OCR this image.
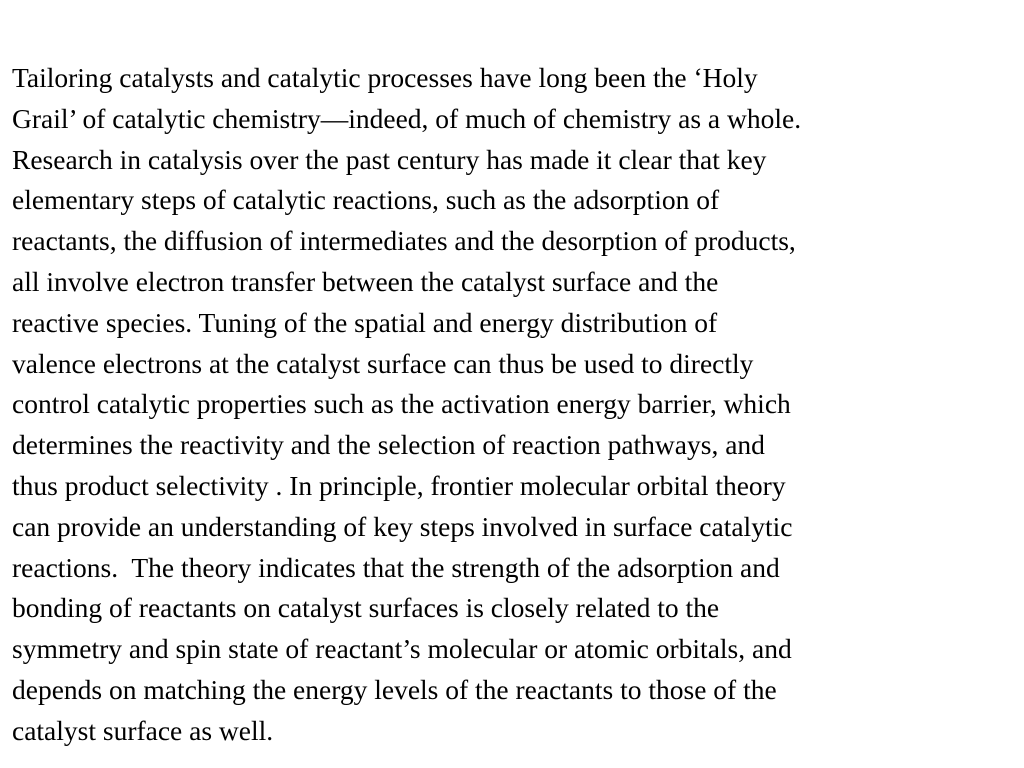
Tailoring catalysts and catalytic processes have long been the ‘Holy
Grail’ of catalytic chemistry—indeed, of much of chemistry as a whole.
Research in catalysis over the past century has made it clear that key
elementary steps of catalytic reactions, such as the adsorption of
reactants, the diffusion of intermediates and the desorption of products,
all involve electron transfer between the catalyst surface and the
reactive species. Tuning of the spatial and energy distribution of
valence electrons at the catalyst surface can thus be used to directly
control catalytic properties such as the activation energy barrier, which
determines the reactivity and the selection of reaction pathways, and
thus product selectivity . In principle, frontier molecular orbital theory
can provide an understanding of key steps involved in surface catalytic
reactions.  The theory indicates that the strength of the adsorption and
bonding of reactants on catalyst surfaces is closely related to the
symmetry and spin state of reactant’s molecular or atomic orbitals, and
depends on matching the energy levels of the reactants to those of the
catalyst surface as well.
